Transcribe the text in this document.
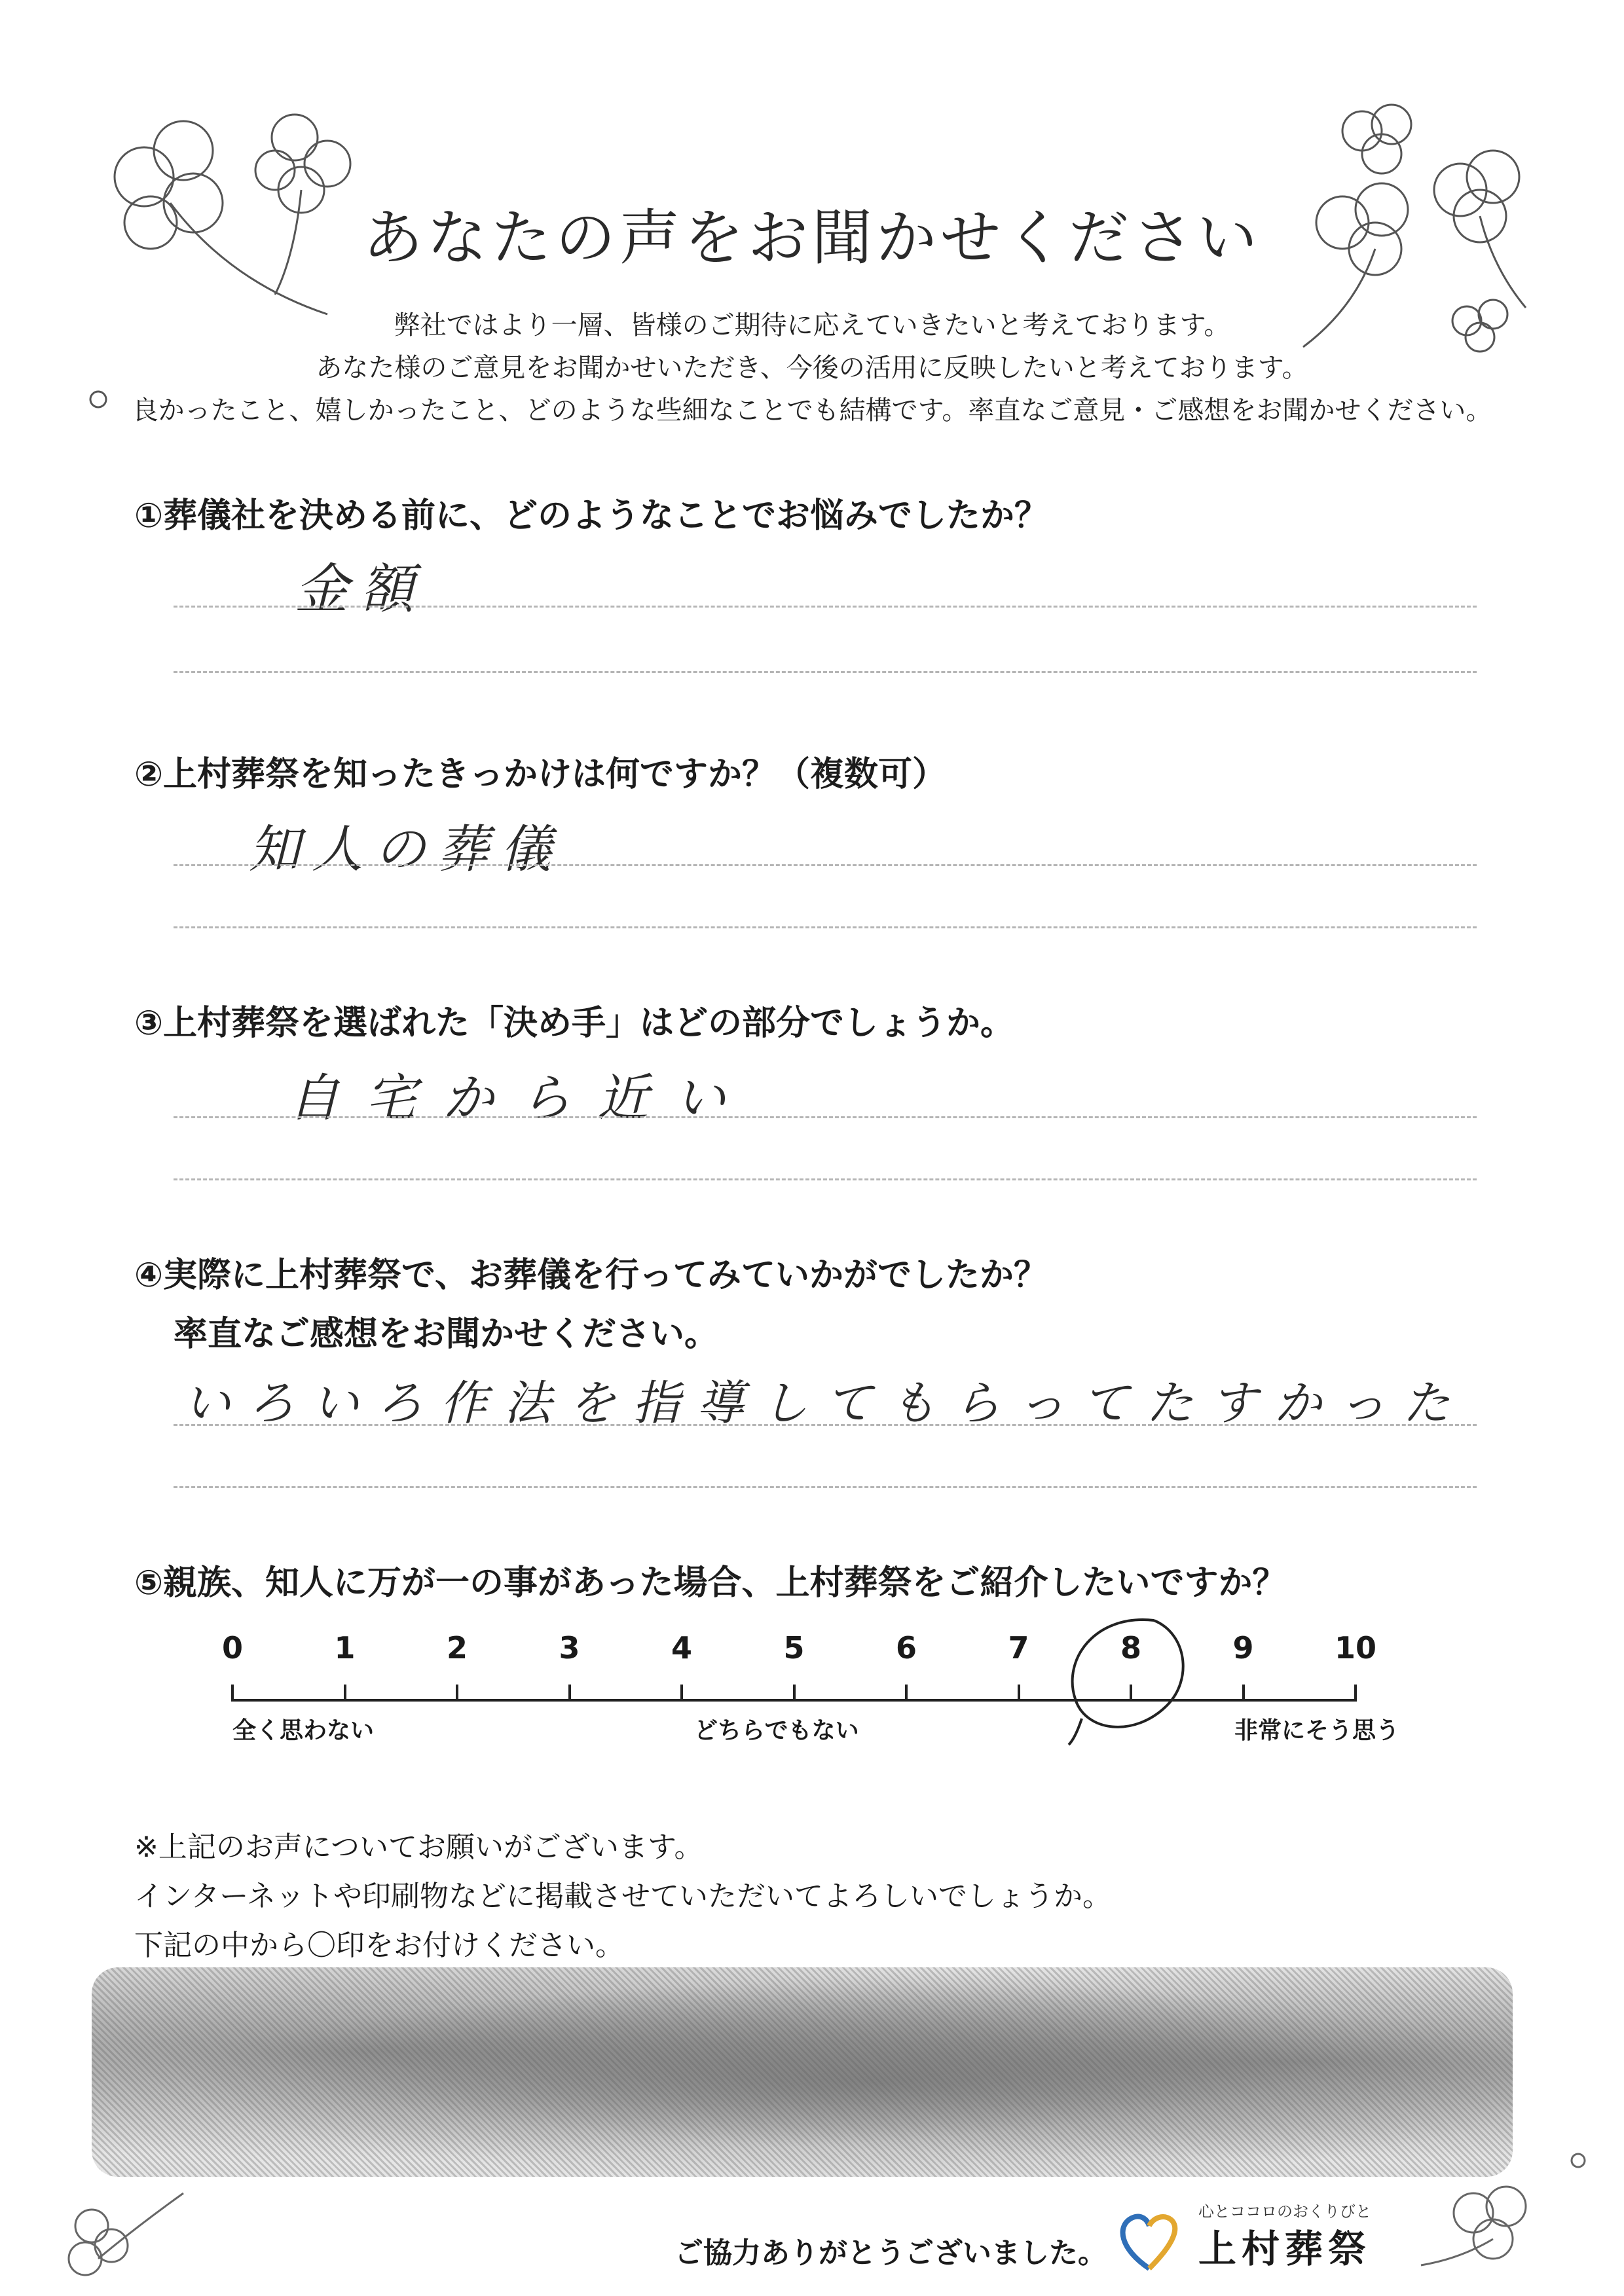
あなたの声をお聞かせください
弊社ではより一層、皆様のご期待に応えていきたいと考えております。
あなた様のご意見をお聞かせいただき、今後の活用に反映したいと考えております。
良かったこと、嬉しかったこと、どのような些細なことでも結構です。率直なご意見・ご感想をお聞かせください。
①葬儀社を決める前に、どのようなことでお悩みでしたか？
金額
②上村葬祭を知ったきっかけは何ですか？（複数可）
知人の葬儀
③上村葬祭を選ばれた「決め手」はどの部分でしょうか。
自宅から近い
④実際に上村葬祭で、お葬儀を行ってみていかがでしたか？
率直なご感想をお聞かせください。
いろいろ作法を指導してもらってたすかった
⑤親族、知人に万が一の事があった場合、上村葬祭をご紹介したいですか？
0	1	2	3	4	5	6	7	8	9	10
全く思わない	どちらでもない	非常にそう思う
※上記のお声についてお願いがございます。
インターネットや印刷物などに掲載させていただいてよろしいでしょうか。
下記の中から〇印をお付けください。
ご協力ありがとうございました。
心とココロのおくりびと
上村葬祭
